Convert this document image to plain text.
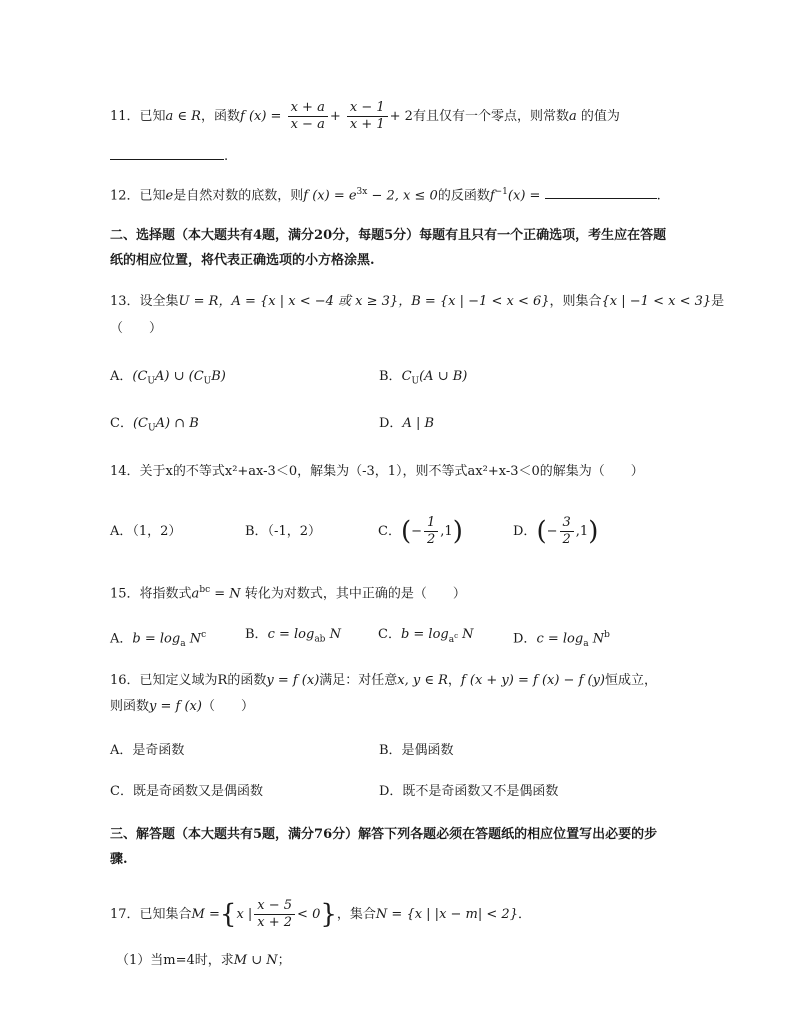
11．已知a ∈ R，函数f $(x) = \frac{x + a}{x - a} + \frac{x - 1}{x + 1} + 2$有且仅有一个零点，则常数a 的值为
.
12．已知e是自然对数的底数，则f $(x) = e^{3x} - 2$, x ≤ 0的反函数$f^{-1}(x)$ =	.
二、选择题（本大题共有4题，满分20分，每题5分）每题有且只有一个正确选项，考生应在答题
纸的相应位置，将代表正确选项的小方格涂黑.
13．设全集U = R，A = {x | x < −4 或 x ≥ 3}，B = {x | −1 < x < 6}，则集合{x | −1 < x < 3}是
（　　）
A．$(C_UA)$ ∪ $(C_UB)$	B．$C_U(A$ ∪ B)
C．$(C_UA)$ ∩ B	D．A | B
14．关于x的不等式x²+ax-3＜0，解集为（-3，1），则不等式ax²+x-3＜0的解集为（　　）
A．（1，2）	B．（-1，2）	C．(− $\frac{1}{2} ,1$)	D．(− $\frac{3}{2} ,1$)
15．将指数式$a^{bc} = N$ 转化为对数式，其中正确的是（　　）
A．$b = \log_a N^c$	B．$c = \log_{ab} N$	C．$b = \log_{a^c} N$	D．$c = \log_a N^b$
16．已知定义域为R的函数y = f (x)满足：对任意x, y ∈ R，f (x + y) = f (x) − f (y)恒成立，
则函数y = f (x)（　　）
A．是奇函数	B．是偶函数
C．既是奇函数又是偶函数	D．既不是奇函数又不是偶函数
三、解答题（本大题共有5题，满分76分）解答下列各题必须在答题纸的相应位置写出必要的步
骤.
17．已知集合M ={x | $\frac{x - 5}{x + 2} < 0$}，集合N = {x | |x − m| < 2}．
（1）当m=4时，求M ∪ N；
